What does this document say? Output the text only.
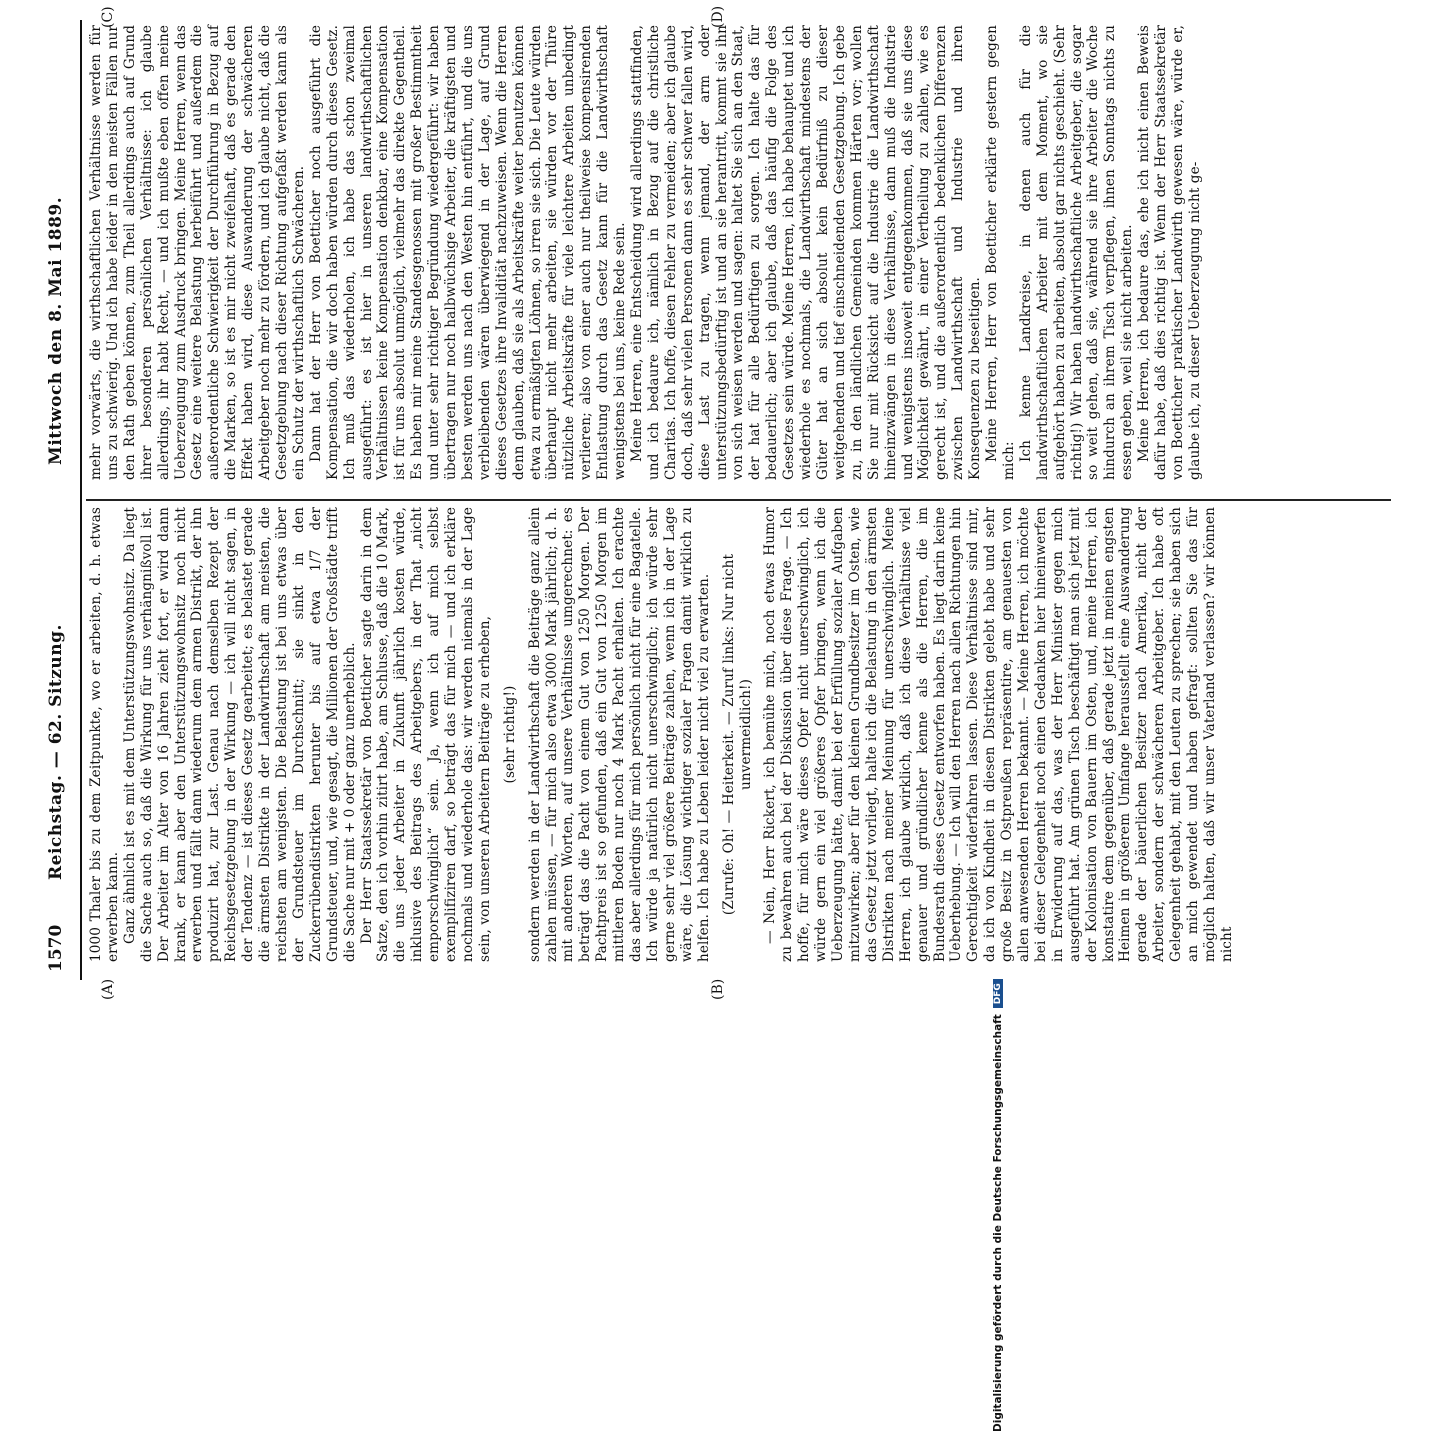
1570
Reichstag. — 62. Sitzung.
Mittwoch den 8. Mai 1889.
(A)	(B)
(C)	(D)

1000 Thaler bis zu dem Zeitpunkte, wo er arbeiten, d. h. etwas erwerben kann. Ganz ähnlich ist es mit dem Unterstützungswohnsitz. Da liegt die Sache auch so, daß die Wirkung für uns verhängnißvoll ist. Der Arbeiter im Alter von 16 Jahren zieht fort, er wird dann krank, er kann aber den Unterstützungswohnsitz noch nicht erwerben und fällt dann wiederum dem armen Distrikt, der ihn produzirt hat, zur Last. Genau nach demselben Rezept der Reichsgesetzgebung in der Wirkung — ich will nicht sagen, in der Tendenz — ist dieses Gesetz gearbeitet; es belastet gerade die ärmsten Distrikte in der Landwirthschaft am meisten, die reichsten am wenigsten. Die Belastung ist bei uns etwas über der Grundsteuer im Durchschnitt; sie sinkt in den Zuckerrübendistrikten herunter bis auf etwa 1/7 der Grundsteuer, und, wie gesagt, die Millionen der Großstädte trifft die Sache nur mit + 0 oder ganz unerheblich. Der Herr Staatssekretär von Boetticher sagte darin in dem Satze, den ich vorhin zitirt habe, am Schlusse, daß die 10 Mark, die uns jeder Arbeiter in Zukunft jährlich kosten würde, inklusive des Beitrags des Arbeitgebers, in der That „nicht emporschwinglich“ sein. Ja, wenn ich auf mich selbst exemplifiziren darf, so beträgt das für mich — und ich erkläre nochmals und wiederhole das: wir werden niemals in der Lage sein, von unseren Arbeitern Beiträge zu erheben, (sehr richtig!) sondern werden in der Landwirthschaft die Beiträge ganz allein zahlen müssen, — für mich also etwa 3000 Mark jährlich; d. h. mit anderen Worten, auf unsere Verhältnisse umgerechnet: es beträgt das die Pacht von einem Gut von 1250 Morgen. Der Pachtpreis ist so gefunden, daß ein Gut von 1250 Morgen im mittleren Boden nur noch 4 Mark Pacht erhalten. Ich erachte das aber allerdings für mich persönlich nicht für eine Bagatelle. Ich würde ja natürlich nicht unerschwinglich; ich würde sehr gerne sehr viel größere Beiträge zahlen, wenn ich in der Lage wäre, die Lösung wichtiger sozialer Fragen damit wirklich zu helfen. Ich habe zu Leben leider nicht viel zu erwarten. (Zurufe: Oh! — Heiterkeit. — Zuruf links: Nur nicht unvermeidlich!) — Nein, Herr Rickert, ich bemühe mich, noch etwas Humor zu bewahren auch bei der Diskussion über diese Frage. — Ich hoffe, für mich wäre dieses Opfer nicht unerschwinglich, ich würde gern ein viel größeres Opfer bringen, wenn ich die Ueberzeugung hätte, damit bei der Erfüllung sozialer Aufgaben mitzuwirken; aber für den kleinen Grundbesitzer im Osten, wie das Gesetz jetzt vorliegt, halte ich die Belastung in den ärmsten Distrikten nach meiner Meinung für unerschwinglich. Meine Herren, ich glaube wirklich, daß ich diese Verhältnisse viel genauer und gründlicher kenne als die Herren, die im Bundesrath dieses Gesetz entworfen haben. Es liegt darin keine Ueberhebung. — Ich will den Herren nach allen Richtungen hin Gerechtigkeit widerfahren lassen. Diese Verhältnisse sind mir, da ich von Kindheit in diesen Distrikten gelebt habe und sehr große Besitz in Ostpreußen repräsentire, am genauesten von allen anwesenden Herren bekannt. — Meine Herren, ich möchte bei dieser Gelegenheit noch einen Gedanken hier hineinwerfen in Erwiderung auf das, was der Herr Minister gegen mich ausgeführt hat. Am grünen Tisch beschäftigt man sich jetzt mit der Kolonisation von Bauern im Osten, und, meine Herren, ich konstatire dem gegenüber, daß gerade jetzt in meinen engsten Heimen in größerem Umfange herausstellt eine Auswanderung gerade der bäuerlichen Besitzer nach Amerika, nicht der Arbeiter, sondern der schwächeren Arbeitgeber. Ich habe oft Gelegenheit gehabt, mit den Leuten zu sprechen; sie haben sich an mich gewendet und haben gefragt: sollten Sie das für möglich halten, daß wir unser Vaterland verlassen? wir können nicht

mehr vorwärts, die wirthschaftlichen Verhältnisse werden für uns zu schwierig. Und ich habe leider in den meisten Fällen nur den Rath geben können, zum Theil allerdings auch auf Grund ihrer besonderen persönlichen Verhältnisse: ich glaube allerdings, ihr habt Recht, — und ich mußte eben offen meine Ueberzeugung zum Ausdruck bringen. Meine Herren, wenn das Gesetz eine weitere Belastung herbeiführt und außerdem die außerordentliche Schwierigkeit der Durchführung in Bezug auf die Marken, so ist es mir nicht zweifelhaft, daß es gerade den Effekt haben wird, diese Auswanderung der schwächeren Arbeitgeber noch mehr zu fördern, und ich glaube nicht, daß die Gesetzgebung nach dieser Richtung aufgefaßt werden kann als ein Schutz der wirthschaftlich Schwächeren. Dann hat der Herr von Boetticher noch ausgeführt die Kompensation, die wir doch haben würden durch dieses Gesetz. Ich muß das wiederholen, ich habe das schon zweimal ausgeführt: es ist hier in unseren landwirthschaftlichen Verhältnissen keine Kompensation denkbar, eine Kompensation ist für uns absolut unmöglich, vielmehr das direkte Gegentheil. Es haben mir meine Standesgenossen mit großer Bestimmtheit und unter sehr richtiger Begründung wiedergeführt: wir haben übertragen nur noch halbwüchsige Arbeiter, die kräftigsten und besten werden uns nach den Westen hin entführt, und die uns verbleibenden wären überwiegend in der Lage, auf Grund dieses Gesetzes ihre Invalidität nachzuweisen. Wenn die Herren denn glauben, daß sie als Arbeitskräfte weiter benutzen können etwa zu ermäßigten Löhnen, so irren sie sich. Die Leute würden überhaupt nicht mehr arbeiten, sie würden vor der Thüre nützliche Arbeitskräfte für viele leichtere Arbeiten unbedingt verlieren; also von einer auch nur theilweise kompensirenden Entlastung durch das Gesetz kann für die Landwirthschaft wenigstens bei uns, keine Rede sein. Meine Herren, eine Entscheidung wird allerdings stattfinden, und ich bedaure ich, nämlich in Bezug auf die christliche Charitas. Ich hoffe, diesen Fehler zu vermeiden; aber ich glaube doch, daß sehr vielen Personen dann es sehr schwer fallen wird, diese Last zu tragen, wenn jemand, der arm oder unterstützungsbedürftig ist und an sie herantritt, kommt sie ihn von sich weisen werden und sagen: haltet Sie sich an den Staat, der hat für alle Bedürftigen zu sorgen. Ich halte das für bedauerlich; aber ich glaube, daß das häufig die Folge des Gesetzes sein würde. Meine Herren, ich habe behauptet und ich wiederhole es nochmals, die Landwirthschaft mindestens der Güter hat an sich absolut kein Bedürfniß zu dieser weitgehenden und tief einschneidenden Gesetzgebung. Ich gebe zu, in den ländlichen Gemeinden kommen Härten vor; wollen Sie nur mit Rücksicht auf die Industrie die Landwirthschaft hineinzwängen in diese Verhältnisse, dann muß die Industrie und wenigstens insoweit entgegenkommen, daß sie uns diese Möglichkeit gewährt, in einer Vertheilung zu zahlen, wie es gerecht ist, und die außerordentlich bedenklichen Differenzen zwischen Landwirthschaft und Industrie und ihren Konsequenzen zu beseitigen. Meine Herren, Herr von Boetticher erklärte gestern gegen mich: Ich kenne Landkreise, in denen auch für die landwirthschaftlichen Arbeiter mit dem Moment, wo sie aufgehört haben zu arbeiten, absolut gar nichts geschieht. (Sehr richtig!) Wir haben landwirthschaftliche Arbeitgeber, die sogar so weit gehen, daß sie, während sie ihre Arbeiter die Woche hindurch an ihrem Tisch verpflegen, ihnen Sonntags nichts zu essen geben, weil sie nicht arbeiten. Meine Herren, ich bedaure das, ehe ich nicht einen Beweis dafür habe, daß dies richtig ist. Wenn der Herr Staatssekretär von Boetticher praktischer Landwirth gewesen wäre, würde er, glaube ich, zu dieser Ueberzeugung nicht ge-

Digitalisierung gefördert durch die Deutsche Forschungsgemeinschaft
DFG
